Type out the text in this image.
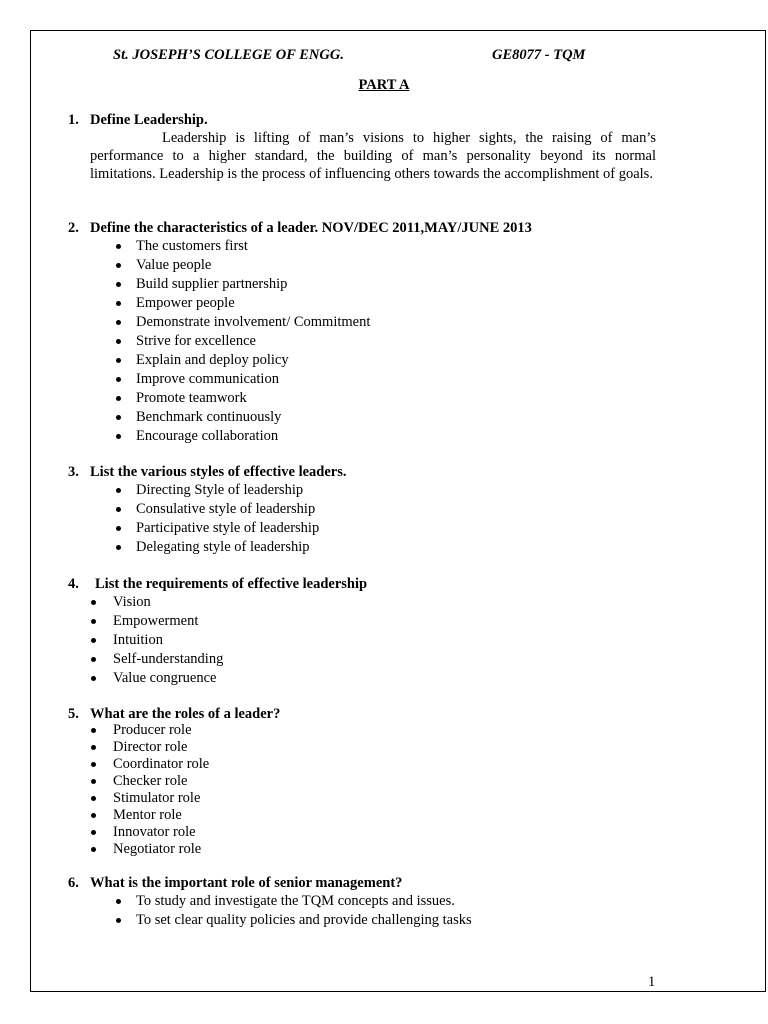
St. JOSEPH’S COLLEGE OF ENGG.	GE8077 - TQM
PART A
1. Define Leadership.
Leadership is lifting of man’s visions to higher sights, the raising of man’s performance to a higher standard, the building of man’s personality beyond its normal limitations. Leadership is the process of influencing others towards the accomplishment of goals.
2. Define the characteristics of a leader. NOV/DEC 2011,MAY/JUNE 2013
The customers first
Value people
Build supplier partnership
Empower people
Demonstrate involvement/ Commitment
Strive for excellence
Explain and deploy policy
Improve communication
Promote teamwork
Benchmark continuously
Encourage collaboration
3. List the various styles of effective leaders.
Directing Style of leadership
Consulative style of leadership
Participative style of leadership
Delegating style of leadership
4. List the requirements of effective leadership
Vision
Empowerment
Intuition
Self-understanding
Value congruence
5. What are the roles of a leader?
Producer role
Director role
Coordinator role
Checker role
Stimulator role
Mentor role
Innovator role
Negotiator role
6. What is the important role of senior management?
To study and investigate the TQM concepts and issues.
To set clear quality policies and provide challenging tasks
1
